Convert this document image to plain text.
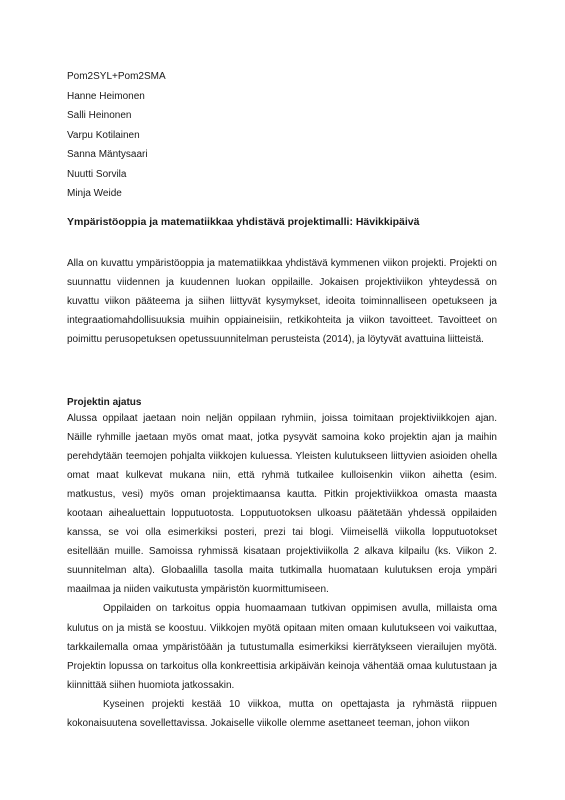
Pom2SYL+Pom2SMA
Hanne Heimonen
Salli Heinonen
Varpu Kotilainen
Sanna Mäntysaari
Nuutti Sorvila
Minja Weide
Ympäristöoppia ja matematiikkaa yhdistävä projektimalli: Hävikkipäivä

Alla on kuvattu ympäristöoppia ja matematiikkaa yhdistävä kymmenen viikon projekti. Projekti on suunnattu viidennen ja kuudennen luokan oppilaille. Jokaisen projektiviikon yhteydessä on kuvattu viikon pääteema ja siihen liittyvät kysymykset, ideoita toiminnalliseen opetukseen ja integraatiomahdollisuuksia muihin oppiaineisiin, retkikohteita ja viikon tavoitteet. Tavoitteet on poimittu perusopetuksen opetussuunnitelman perusteista (2014), ja löytyvät avattuina liitteistä.

Projektin ajatus

Alussa oppilaat jaetaan noin neljän oppilaan ryhmiin, joissa toimitaan projektiviikkojen ajan. Näille ryhmille jaetaan myös omat maat, jotka pysyvät samoina koko projektin ajan ja maihin perehdytään teemojen pohjalta viikkojen kuluessa. Yleisten kulutukseen liittyvien asioiden ohella omat maat kulkevat mukana niin, että ryhmä tutkailee kulloisenkin viikon aihetta (esim. matkustus, vesi) myös oman projektimaansa kautta. Pitkin projektiviikkoa omasta maasta kootaan aihealuettain lopputuotosta. Lopputuotoksen ulkoasu päätetään yhdessä oppilaiden kanssa, se voi olla esimerkiksi posteri, prezi tai blogi. Viimeisellä viikolla lopputuotokset esitellään muille. Samoissa ryhmissä kisataan projektiviikolla 2 alkava kilpailu (ks. Viikon 2. suunnitelman alta). Globaalilla tasolla maita tutkimalla huomataan kulutuksen eroja ympäri maailmaa ja niiden vaikutusta ympäristön kuormittumiseen.

Oppilaiden on tarkoitus oppia huomaamaan tutkivan oppimisen avulla, millaista oma kulutus on ja mistä se koostuu. Viikkojen myötä opitaan miten omaan kulutukseen voi vaikuttaa, tarkkailemalla omaa ympäristöään ja tutustumalla esimerkiksi kierrätykseen vierailujen myötä. Projektin lopussa on tarkoitus olla konkreettisia arkipäivän keinoja vähentää omaa kulutustaan ja kiinnittää siihen huomiota jatkossakin.

Kyseinen projekti kestää 10 viikkoa, mutta on opettajasta ja ryhmästä riippuen kokonaisuutena sovellettavissa. Jokaiselle viikolle olemme asettaneet teeman, johon viikon
